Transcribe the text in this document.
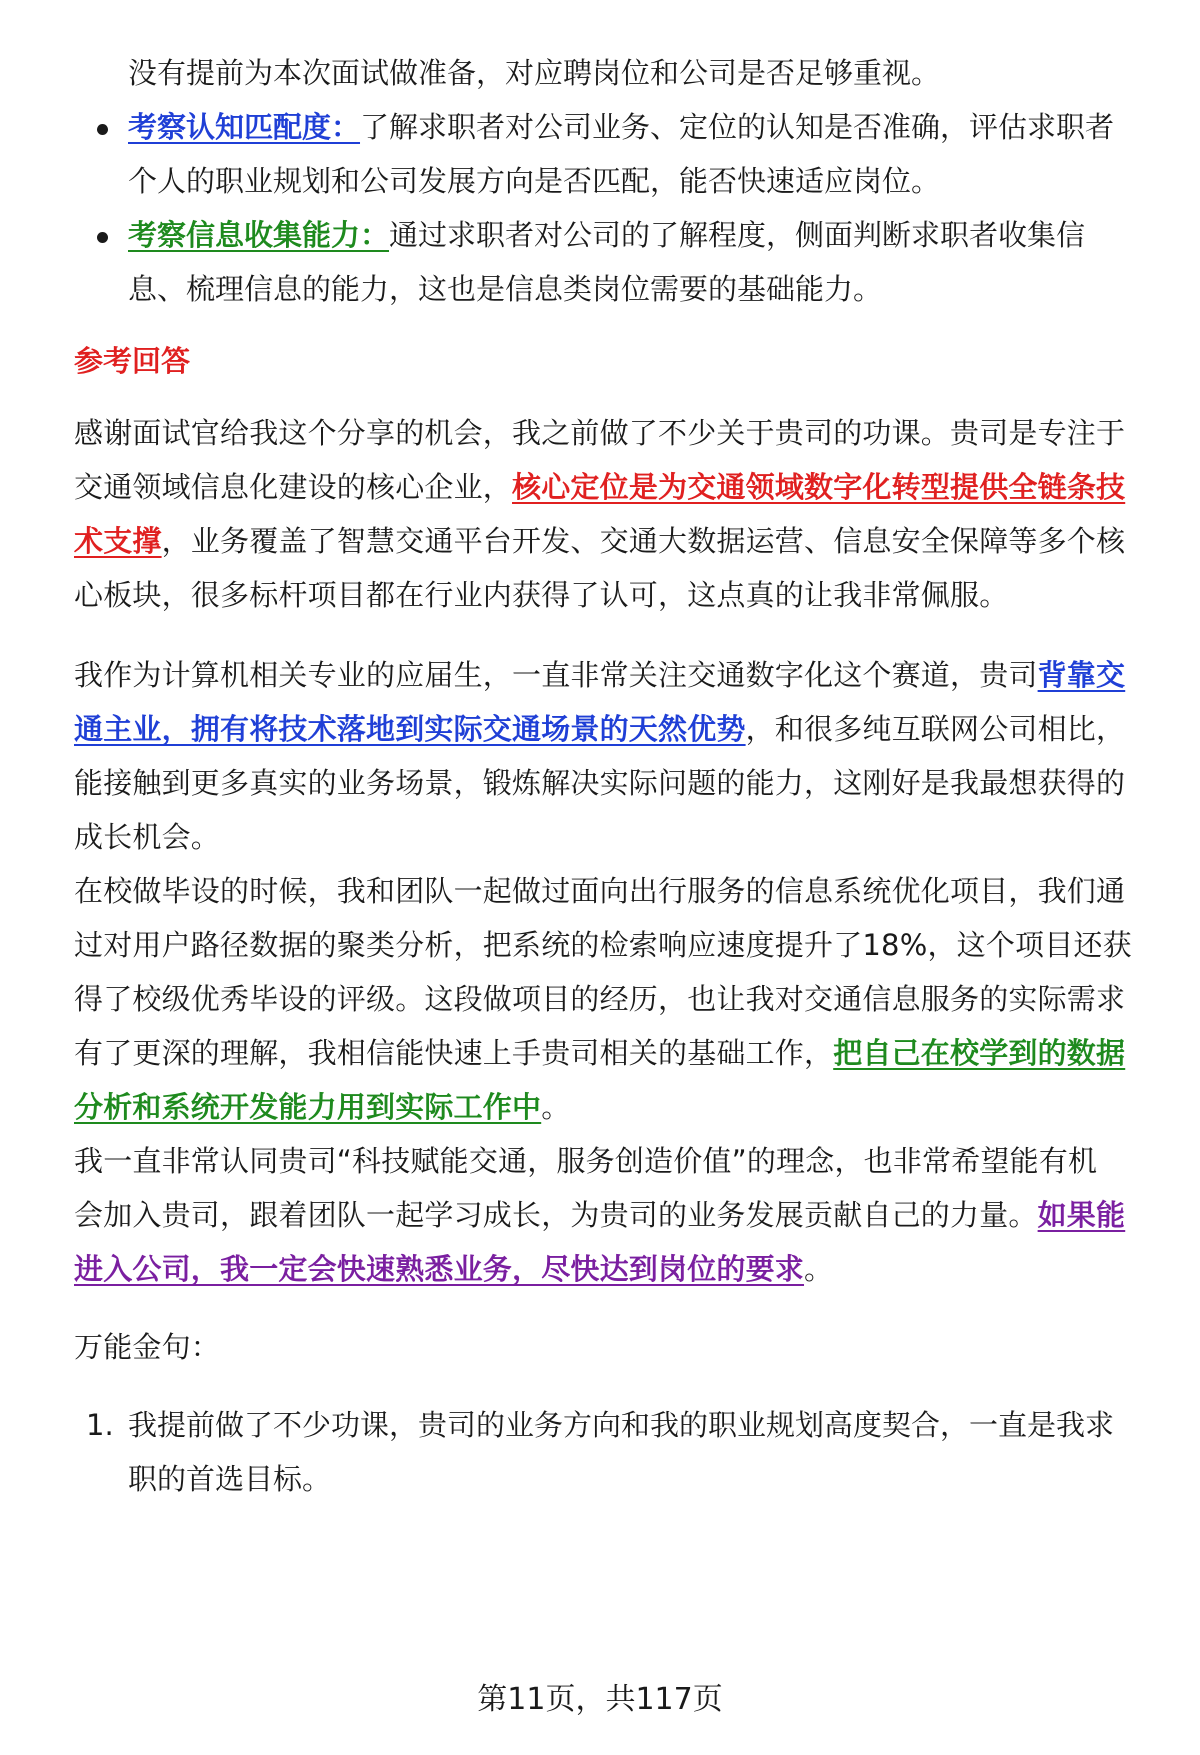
没有提前为本次面试做准备，对应聘岗位和公司是否足够重视。

考察认知匹配度：了解求职者对公司业务、定位的认知是否准确，评估求职者

个人的职业规划和公司发展方向是否匹配，能否快速适应岗位。

考察信息收集能力：通过求职者对公司的了解程度，侧面判断求职者收集信

息、梳理信息的能力，这也是信息类岗位需要的基础能力。

参考回答

感谢面试官给我这个分享的机会，我之前做了不少关于贵司的功课。贵司是专注于

交通领域信息化建设的核心企业，核心定位是为交通领域数字化转型提供全链条技

术支撑，业务覆盖了智慧交通平台开发、交通大数据运营、信息安全保障等多个核

心板块，很多标杆项目都在行业内获得了认可，这点真的让我非常佩服。

我作为计算机相关专业的应届生，一直非常关注交通数字化这个赛道，贵司背靠交

通主业，拥有将技术落地到实际交通场景的天然优势，和很多纯互联网公司相比，

能接触到更多真实的业务场景，锻炼解决实际问题的能力，这刚好是我最想获得的

成长机会。

在校做毕设的时候，我和团队一起做过面向出行服务的信息系统优化项目，我们通

过对用户路径数据的聚类分析，把系统的检索响应速度提升了18%，这个项目还获

得了校级优秀毕设的评级。这段做项目的经历，也让我对交通信息服务的实际需求

有了更深的理解，我相信能快速上手贵司相关的基础工作，把自己在校学到的数据

分析和系统开发能力用到实际工作中。

我一直非常认同贵司“科技赋能交通，服务创造价值”的理念，也非常希望能有机

会加入贵司，跟着团队一起学习成长，为贵司的业务发展贡献自己的力量。如果能

进入公司，我一定会快速熟悉业务，尽快达到岗位的要求。

万能金句：

1. 我提前做了不少功课，贵司的业务方向和我的职业规划高度契合，一直是我求

职的首选目标。

第11页，共117页
